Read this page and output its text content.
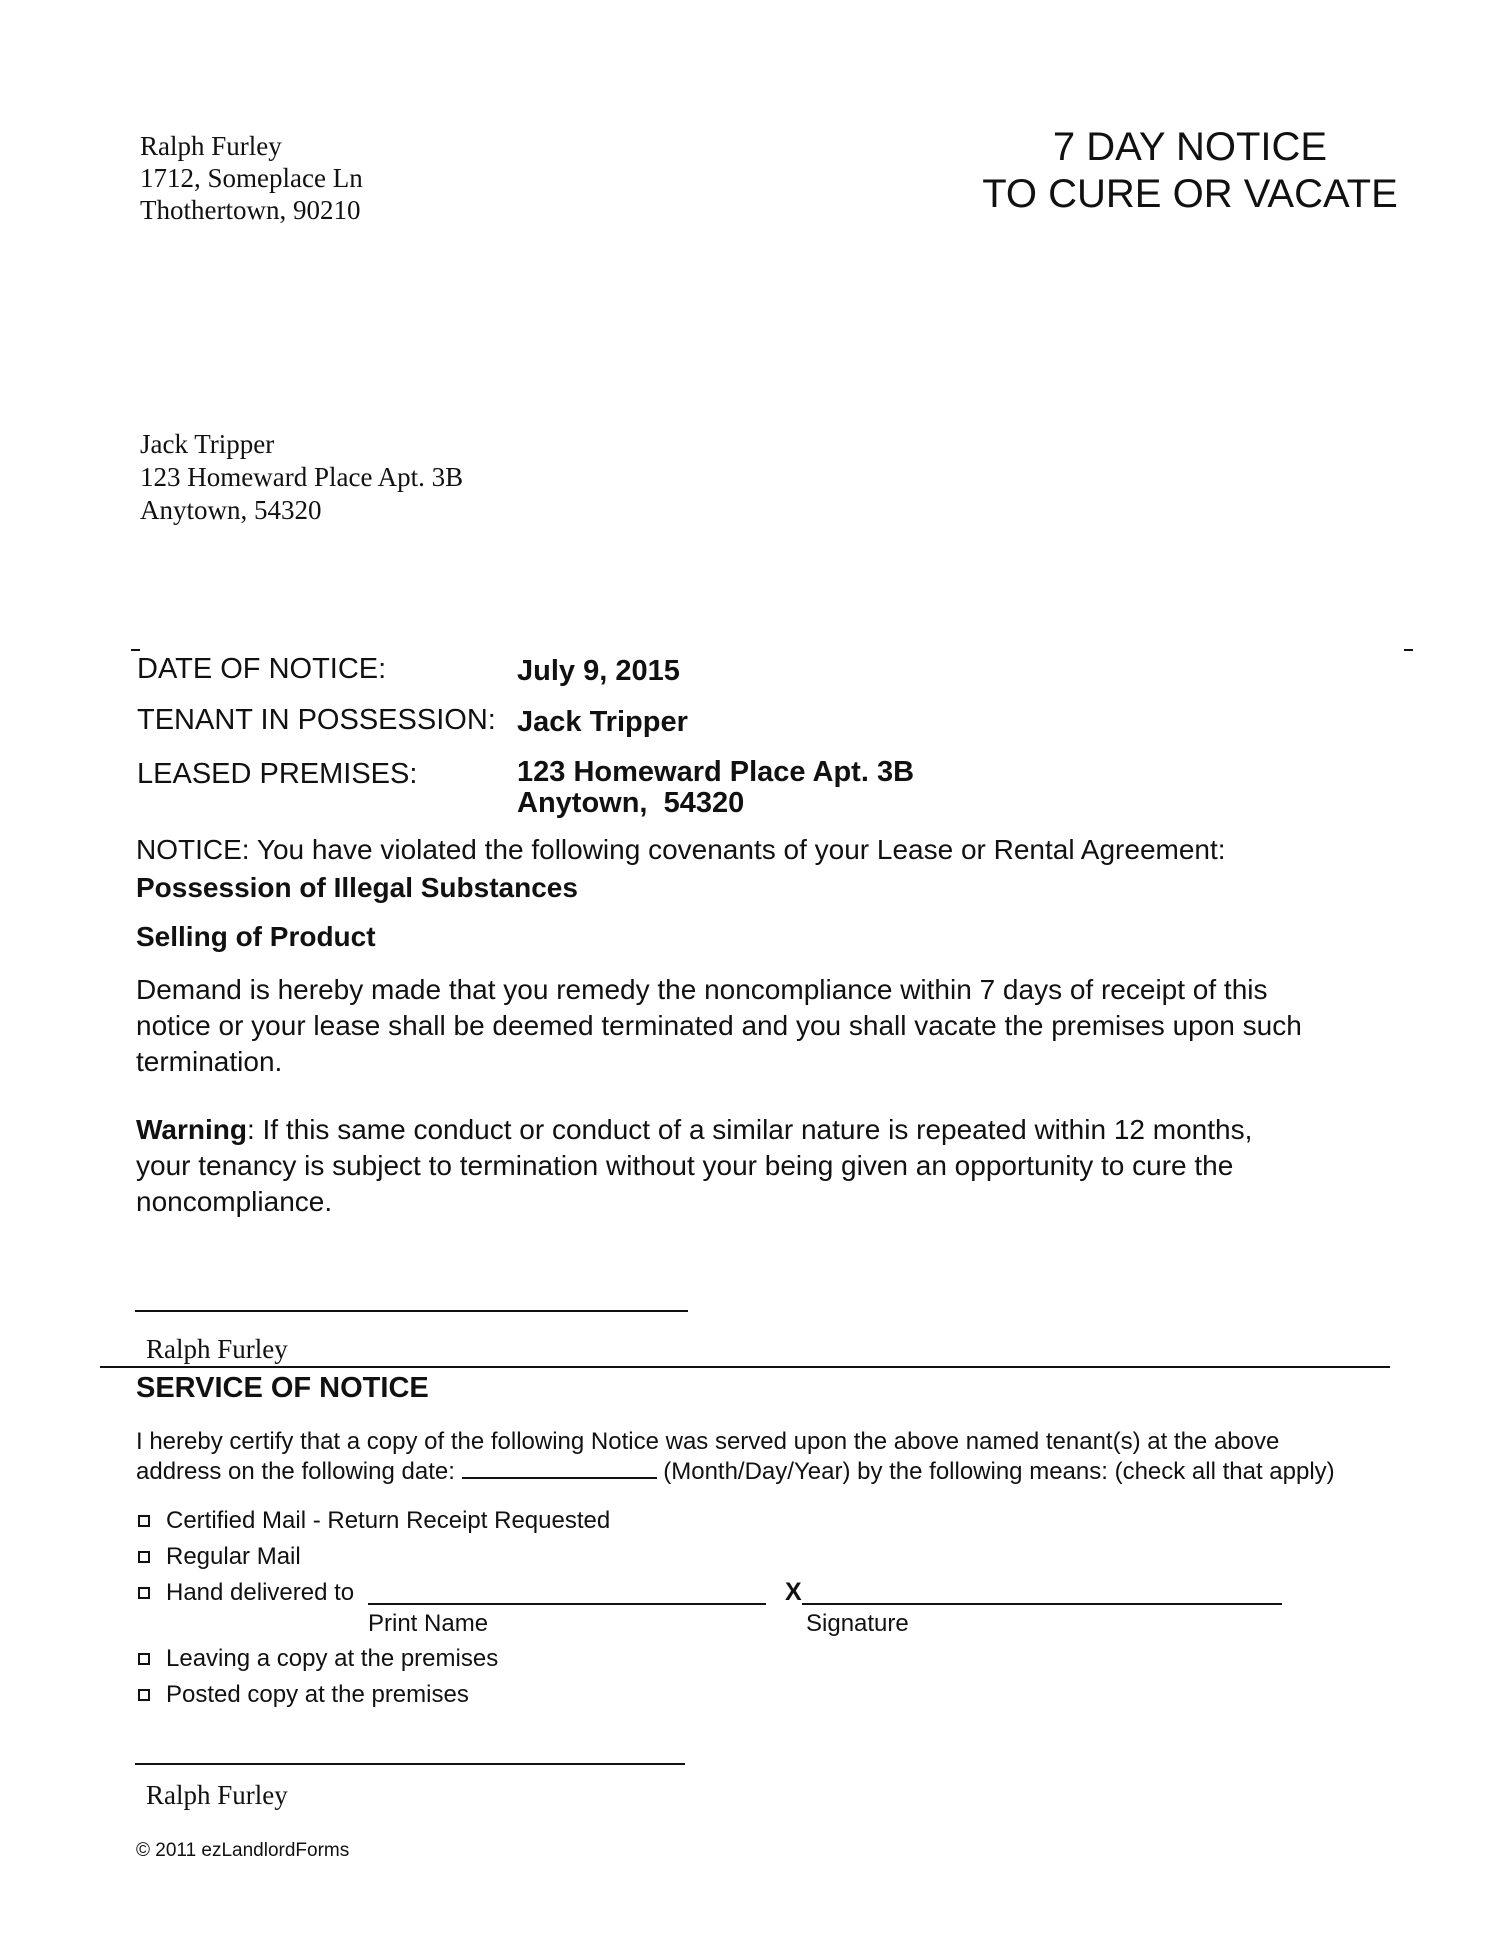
Ralph Furley
1712, Someplace Ln
Thothertown, 90210
7 DAY NOTICE
TO CURE OR VACATE
Jack Tripper
123 Homeward Place Apt. 3B
Anytown, 54320
DATE OF NOTICE:	July 9, 2015
TENANT IN POSSESSION: Jack Tripper
LEASED PREMISES:	123 Homeward Place Apt. 3B
Anytown,  54320
NOTICE: You have violated the following covenants of your Lease or Rental Agreement:
Possession of Illegal Substances
Selling of Product
Demand is hereby made that you remedy the noncompliance within 7 days of receipt of this
notice or your lease shall be deemed terminated and you shall vacate the premises upon such
termination.
Warning: If this same conduct or conduct of a similar nature is repeated within 12 months,
your tenancy is subject to termination without your being given an opportunity to cure the
noncompliance.
Ralph Furley
SERVICE OF NOTICE
I hereby certify that a copy of the following Notice was served upon the above named tenant(s) at the above
address on the following date:	(Month/Day/Year) by the following means: (check all that apply)
Certified Mail - Return Receipt Requested
Regular Mail
Hand delivered to	X
Print Name	Signature
Leaving a copy at the premises
Posted copy at the premises
Ralph Furley
© 2011 ezLandlordForms
